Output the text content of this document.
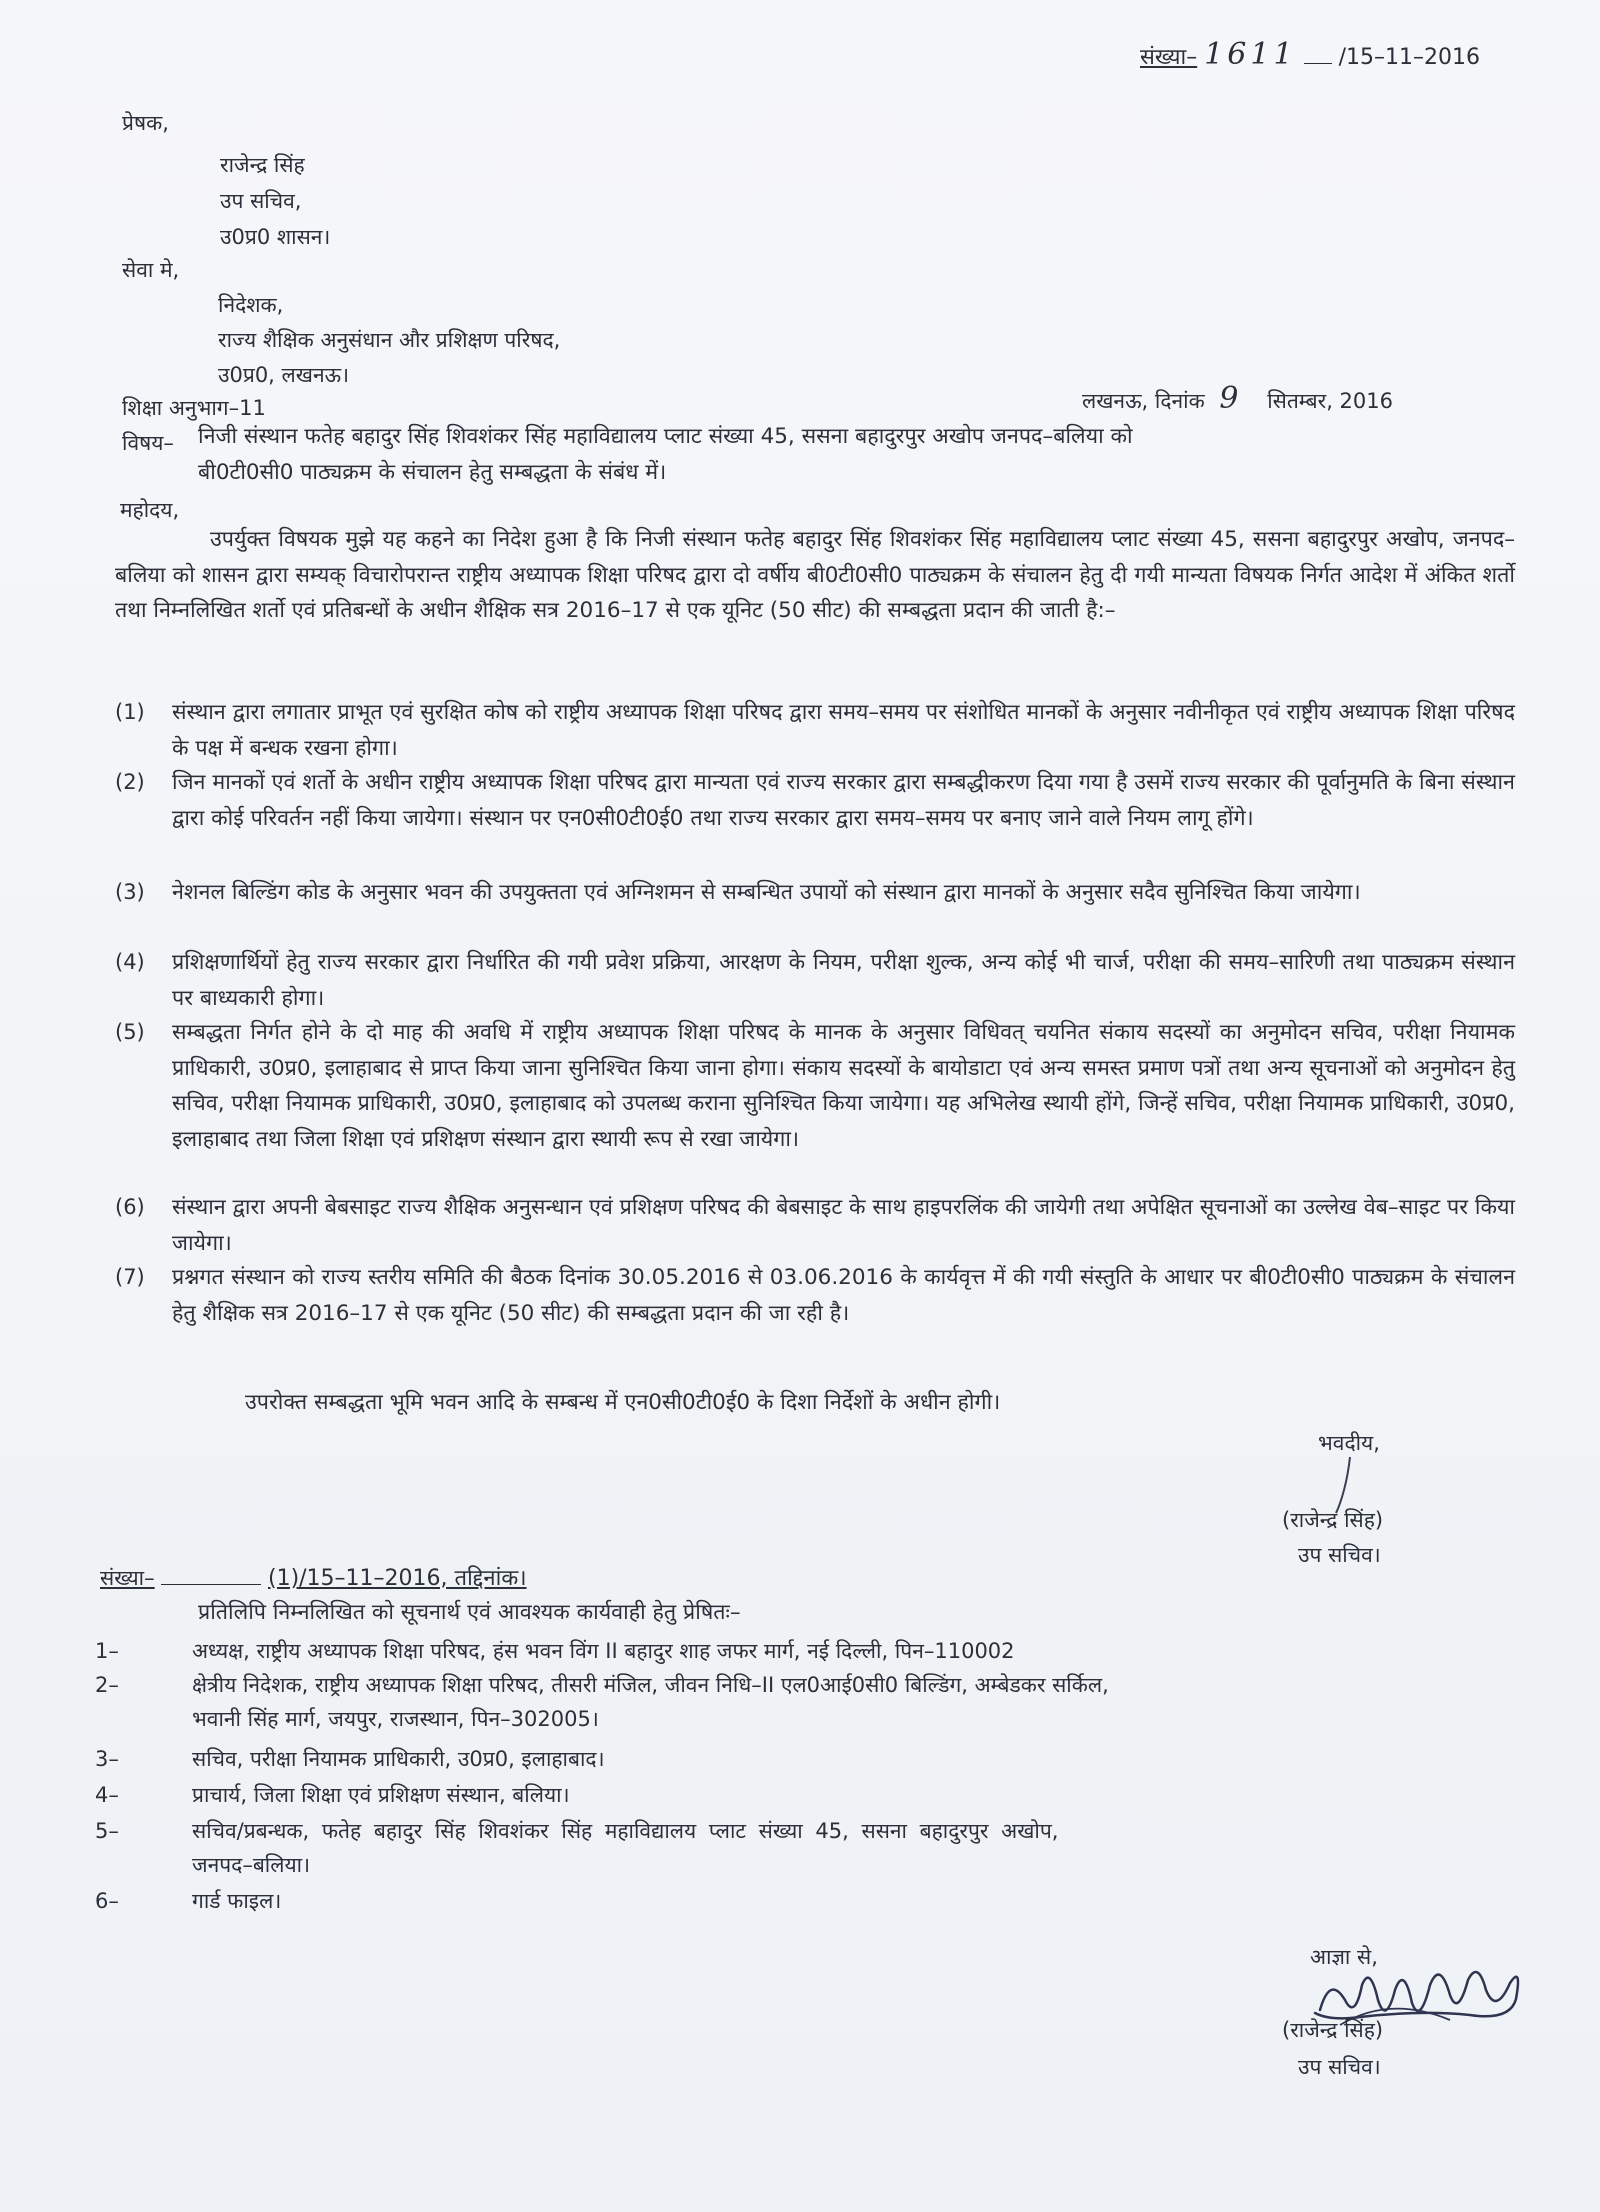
संख्या– 1611 /15–11–2016
प्रेषक,
राजेन्द्र सिंह
उप सचिव,
उ0प्र0 शासन।
सेवा मे,
निदेशक,
राज्य शैक्षिक अनुसंधान और प्रशिक्षण परिषद,
उ0प्र0, लखनऊ।
शिक्षा अनुभाग–11	लखनऊ, दिनांक 9 सितम्बर, 2016
विषय– निजी संस्थान फतेह बहादुर सिंह शिवशंकर सिंह महाविद्यालय प्लाट संख्या 45, ससना बहादुरपुर अखोप जनपद–बलिया को
बी0टी0सी0 पाठ्यक्रम के संचालन हेतु सम्बद्धता के संबंध में।
महोदय,
उपर्युक्त विषयक मुझे यह कहने का निदेश हुआ है कि निजी संस्थान फतेह बहादुर सिंह शिवशंकर सिंह महाविद्यालय प्लाट संख्या 45, ससना बहादुरपुर अखोप, जनपद–बलिया को शासन द्वारा सम्यक् विचारोपरान्त राष्ट्रीय अध्यापक शिक्षा परिषद द्वारा दो वर्षीय बी0टी0सी0 पाठ्यक्रम के संचालन हेतु दी गयी मान्यता विषयक निर्गत आदेश में अंकित शर्तो तथा निम्नलिखित शर्तो एवं प्रतिबन्धों के अधीन शैक्षिक सत्र 2016–17 से एक यूनिट (50 सीट) की सम्बद्धता प्रदान की जाती है:–
(1) संस्थान द्वारा लगातार प्राभूत एवं सुरक्षित कोष को राष्ट्रीय अध्यापक शिक्षा परिषद द्वारा समय–समय पर संशोधित मानकों के अनुसार नवीनीकृत एवं राष्ट्रीय अध्यापक शिक्षा परिषद के पक्ष में बन्धक रखना होगा।
(2) जिन मानकों एवं शर्तो के अधीन राष्ट्रीय अध्यापक शिक्षा परिषद द्वारा मान्यता एवं राज्य सरकार द्वारा सम्बद्धीकरण दिया गया है उसमें राज्य सरकार की पूर्वानुमति के बिना संस्थान द्वारा कोई परिवर्तन नहीं किया जायेगा। संस्थान पर एन0सी0टी0ई0 तथा राज्य सरकार द्वारा समय–समय पर बनाए जाने वाले नियम लागू होंगे।
(3) नेशनल बिल्डिंग कोड के अनुसार भवन की उपयुक्तता एवं अग्निशमन से सम्बन्धित उपायों को संस्थान द्वारा मानकों के अनुसार सदैव सुनिश्चित किया जायेगा।
(4) प्रशिक्षणार्थियों हेतु राज्य सरकार द्वारा निर्धारित की गयी प्रवेश प्रक्रिया, आरक्षण के नियम, परीक्षा शुल्क, अन्य कोई भी चार्ज, परीक्षा की समय–सारिणी तथा पाठ्यक्रम संस्थान पर बाध्यकारी होगा।
(5) सम्बद्धता निर्गत होने के दो माह की अवधि में राष्ट्रीय अध्यापक शिक्षा परिषद के मानक के अनुसार विधिवत् चयनित संकाय सदस्यों का अनुमोदन सचिव, परीक्षा नियामक प्राधिकारी, उ0प्र0, इलाहाबाद से प्राप्त किया जाना सुनिश्चित किया जाना होगा। संकाय सदस्यों के बायोडाटा एवं अन्य समस्त प्रमाण पत्रों तथा अन्य सूचनाओं को अनुमोदन हेतु सचिव, परीक्षा नियामक प्राधिकारी, उ0प्र0, इलाहाबाद को उपलब्ध कराना सुनिश्चित किया जायेगा। यह अभिलेख स्थायी होंगे, जिन्हें सचिव, परीक्षा नियामक प्राधिकारी, उ0प्र0, इलाहाबाद तथा जिला शिक्षा एवं प्रशिक्षण संस्थान द्वारा स्थायी रूप से रखा जायेगा।
(6) संस्थान द्वारा अपनी बेबसाइट राज्य शैक्षिक अनुसन्धान एवं प्रशिक्षण परिषद की बेबसाइट के साथ हाइपरलिंक की जायेगी तथा अपेक्षित सूचनाओं का उल्लेख वेब–साइट पर किया जायेगा।
(7) प्रश्नगत संस्थान को राज्य स्तरीय समिति की बैठक दिनांक 30.05.2016 से 03.06.2016 के कार्यवृत्त में की गयी संस्तुति के आधार पर बी0टी0सी0 पाठ्यक्रम के संचालन हेतु शैक्षिक सत्र 2016–17 से एक यूनिट (50 सीट) की सम्बद्धता प्रदान की जा रही है।
उपरोक्त सम्बद्धता भूमि भवन आदि के सम्बन्ध में एन0सी0टी0ई0 के दिशा निर्देशों के अधीन होगी।
भवदीय,
(राजेन्द्र सिंह)
उप सचिव।
संख्या–	(1)/15–11–2016, तद्दिनांक।
प्रतिलिपि निम्नलिखित को सूचनार्थ एवं आवश्यक कार्यवाही हेतु प्रेषितः–
1–	अध्यक्ष, राष्ट्रीय अध्यापक शिक्षा परिषद, हंस भवन विंग II बहादुर शाह जफर मार्ग, नई दिल्ली, पिन–110002
2–	क्षेत्रीय निदेशक, राष्ट्रीय अध्यापक शिक्षा परिषद, तीसरी मंजिल, जीवन निधि–II एल0आई0सी0 बिल्डिंग, अम्बेडकर सर्किल,
भवानी सिंह मार्ग, जयपुर, राजस्थान, पिन–302005।
3–	सचिव, परीक्षा नियामक प्राधिकारी, उ0प्र0, इलाहाबाद।
4–	प्राचार्य, जिला शिक्षा एवं प्रशिक्षण संस्थान, बलिया।
5–	सचिव/प्रबन्धक, फतेह बहादुर सिंह शिवशंकर सिंह महाविद्यालय प्लाट संख्या 45, ससना बहादुरपुर अखोप,
जनपद–बलिया।
6–	गार्ड फाइल।
आज्ञा से,
(राजेन्द्र सिंह)
उप सचिव।
